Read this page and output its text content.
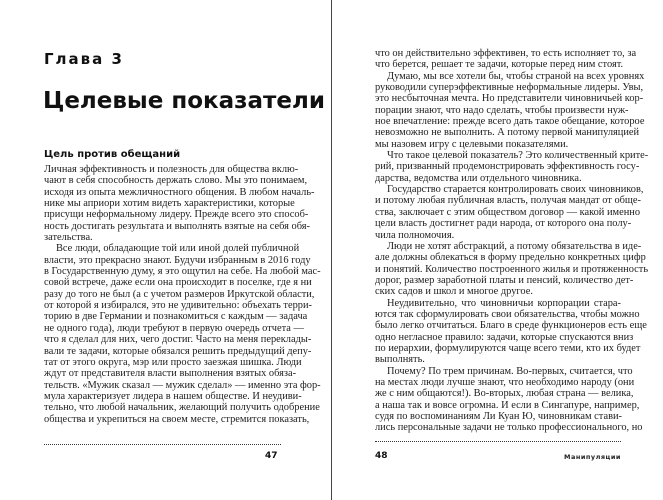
Глава 3
Целевые показатели
Цель против обещаний
Личная эффективность и полезность для общества вклю-
чают в себя способность держать слово. Мы это понимаем,
исходя из опыта межличностного общения. В любом началь-
нике мы априори хотим видеть характеристики, которые
присущи неформальному лидеру. Прежде всего это способ-
ность достигать результата и выполнять взятые на себя обя-
зательства.
Все люди, обладающие той или иной долей публичной
власти, это прекрасно знают. Будучи избранным в 2016 году
в Государственную думу, я это ощутил на себе. На любой мас-
совой встрече, даже если она происходит в поселке, где я ни
разу до того не был (а с учетом размеров Иркутской области,
от которой я избирался, это не удивительно: объехать терри-
торию в две Германии и познакомиться с каждым — задача
не одного года), люди требуют в первую очередь отчета —
что я сделал для них, чего достиг. Часто на меня переклады-
вали те задачи, которые обязался решить предыдущий депу-
тат от этого округа, мэр или просто заезжая шишка. Люди
ждут от представителя власти выполнения взятых обяза-
тельств. «Мужик сказал — мужик сделал» — именно эта фор-
мула характеризует лидера в нашем обществе. И неудиви-
тельно, что любой начальник, желающий получить одобрение
общества и укрепиться на своем месте, стремится показать,
47
что он действительно эффективен, то есть исполняет то, за
что берется, решает те задачи, которые перед ним стоят.
Думаю, мы все хотели бы, чтобы страной на всех уровнях
руководили суперэффективные неформальные лидеры. Увы,
это несбыточная мечта. Но представители чиновничьей кор-
порации знают, что надо сделать, чтобы произвести нуж-
ное впечатление: прежде всего дать такое обещание, которое
невозможно не выполнить. А потому первой манипуляцией
мы назовем игру с целевыми показателями.
Что такое целевой показатель? Это количественный крите-
рий, призванный продемонстрировать эффективность госу-
дарства, ведомства или отдельного чиновника.
Государство старается контролировать своих чиновников,
и потому любая публичная власть, получая мандат от обще-
ства, заключает с этим обществом договор — какой именно
цели власть достигнет ради народа, от которого она полу-
чила полномочия.
Люди не хотят абстракций, а потому обязательства в иде-
але должны облекаться в форму предельно конкретных цифр
и понятий. Количество построенного жилья и протяженность
дорог, размер заработной платы и пенсий, количество дет-
ских садов и школ и многое другое.
Неудивительно, что чиновничьи корпорации стара-
ются так сформулировать свои обязательства, чтобы можно
было легко отчитаться. Благо в среде функционеров есть еще
одно негласное правило: задачи, которые спускаются вниз
по иерархии, формулируются чаще всего теми, кто их будет
выполнять.
Почему? По трем причинам. Во-первых, считается, что
на местах люди лучше знают, что необходимо народу (они
же с ним общаются!). Во-вторых, любая страна — велика,
а наша так и вовсе огромна. И если в Сингапуре, например,
судя по воспоминаниям Ли Куан Ю, чиновникам стави-
лись персональные задачи не только профессионального, но
48	Манипуляции
